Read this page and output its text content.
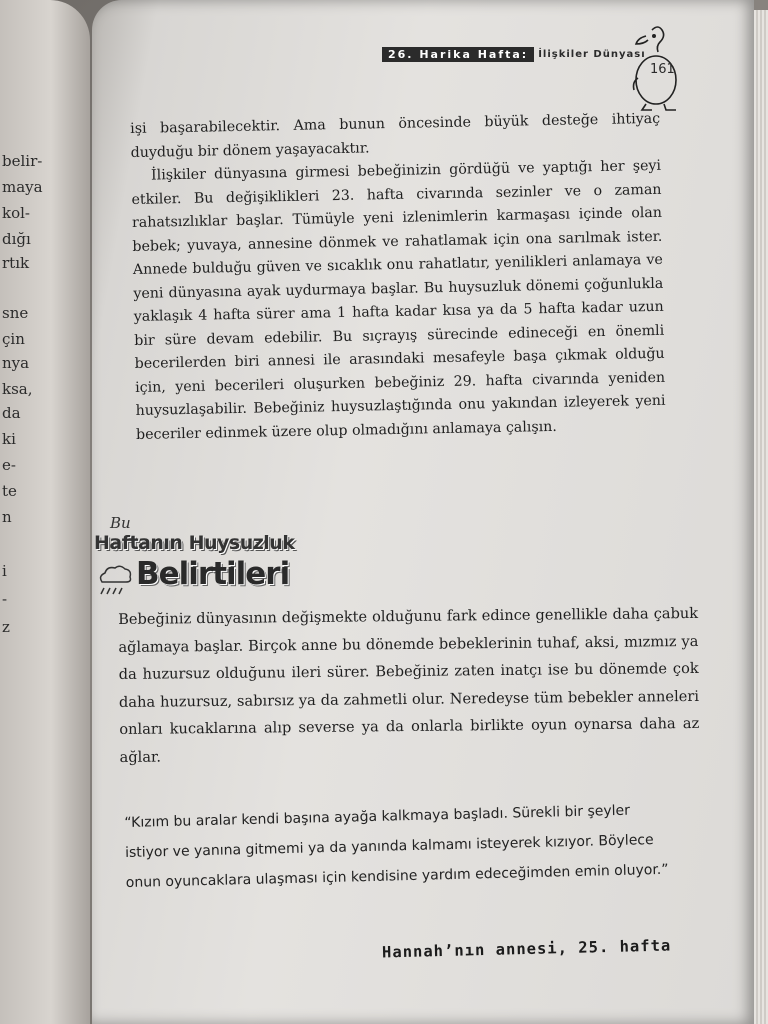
belir-
maya
kol-
dığı
rtık
sne
çin
nya
ksa,
da
ki
e-
te
n
i
-
z
26. Harika Hafta:	İlişkiler Dünyası
161

işi başarabilecektir. Ama bunun öncesinde büyük desteğe ihtiyaç duyduğu bir dönem yaşayacaktır.

İlişkiler dünyasına girmesi bebeğinizin gördüğü ve yaptığı her şeyi etkiler. Bu değişiklikleri 23. hafta civarında sezinler ve o zaman rahatsızlıklar başlar. Tümüyle yeni izlenimlerin karmaşası içinde olan bebek; yuvaya, annesine dönmek ve rahatlamak için ona sarılmak ister. Annede bulduğu güven ve sıcaklık onu rahatlatır, yenilikleri anlamaya ve yeni dünyasına ayak uydurmaya başlar. Bu huysuzluk dönemi çoğunlukla yaklaşık 4 hafta sürer ama 1 hafta kadar kısa ya da 5 hafta kadar uzun bir süre devam edebilir. Bu sıçrayış sürecinde edineceği en önemli becerilerden biri annesi ile arasındaki mesafeyle başa çıkmak olduğu için, yeni becerileri oluşurken bebeğiniz 29. hafta civarında yeniden huysuzlaşabilir. Bebeğiniz huysuzlaştığında onu yakından izleyerek yeni beceriler edinmek üzere olup olmadığını anlamaya çalışın.

Bu
Haftanın Huysuzluk
Belirtileri

Bebeğiniz dünyasının değişmekte olduğunu fark edince genellikle daha çabuk ağlamaya başlar. Birçok anne bu dönemde bebeklerinin tuhaf, aksi, mızmız ya da huzursuz olduğunu ileri sürer. Bebeğiniz zaten inatçı ise bu dönemde çok daha huzursuz, sabırsız ya da zahmetli olur. Neredeyse tüm bebekler anneleri onları kucaklarına alıp severse ya da onlarla birlikte oyun oynarsa daha az ağlar.

“Kızım bu aralar kendi başına ayağa kalkmaya başladı. Sürekli bir şeyler istiyor ve yanına gitmemi ya da yanında kalmamı isteyerek kızıyor. Böylece onun oyuncaklara ulaşması için kendisine yardım edeceğimden emin oluyor.”

Hannah’nın annesi, 25. hafta
